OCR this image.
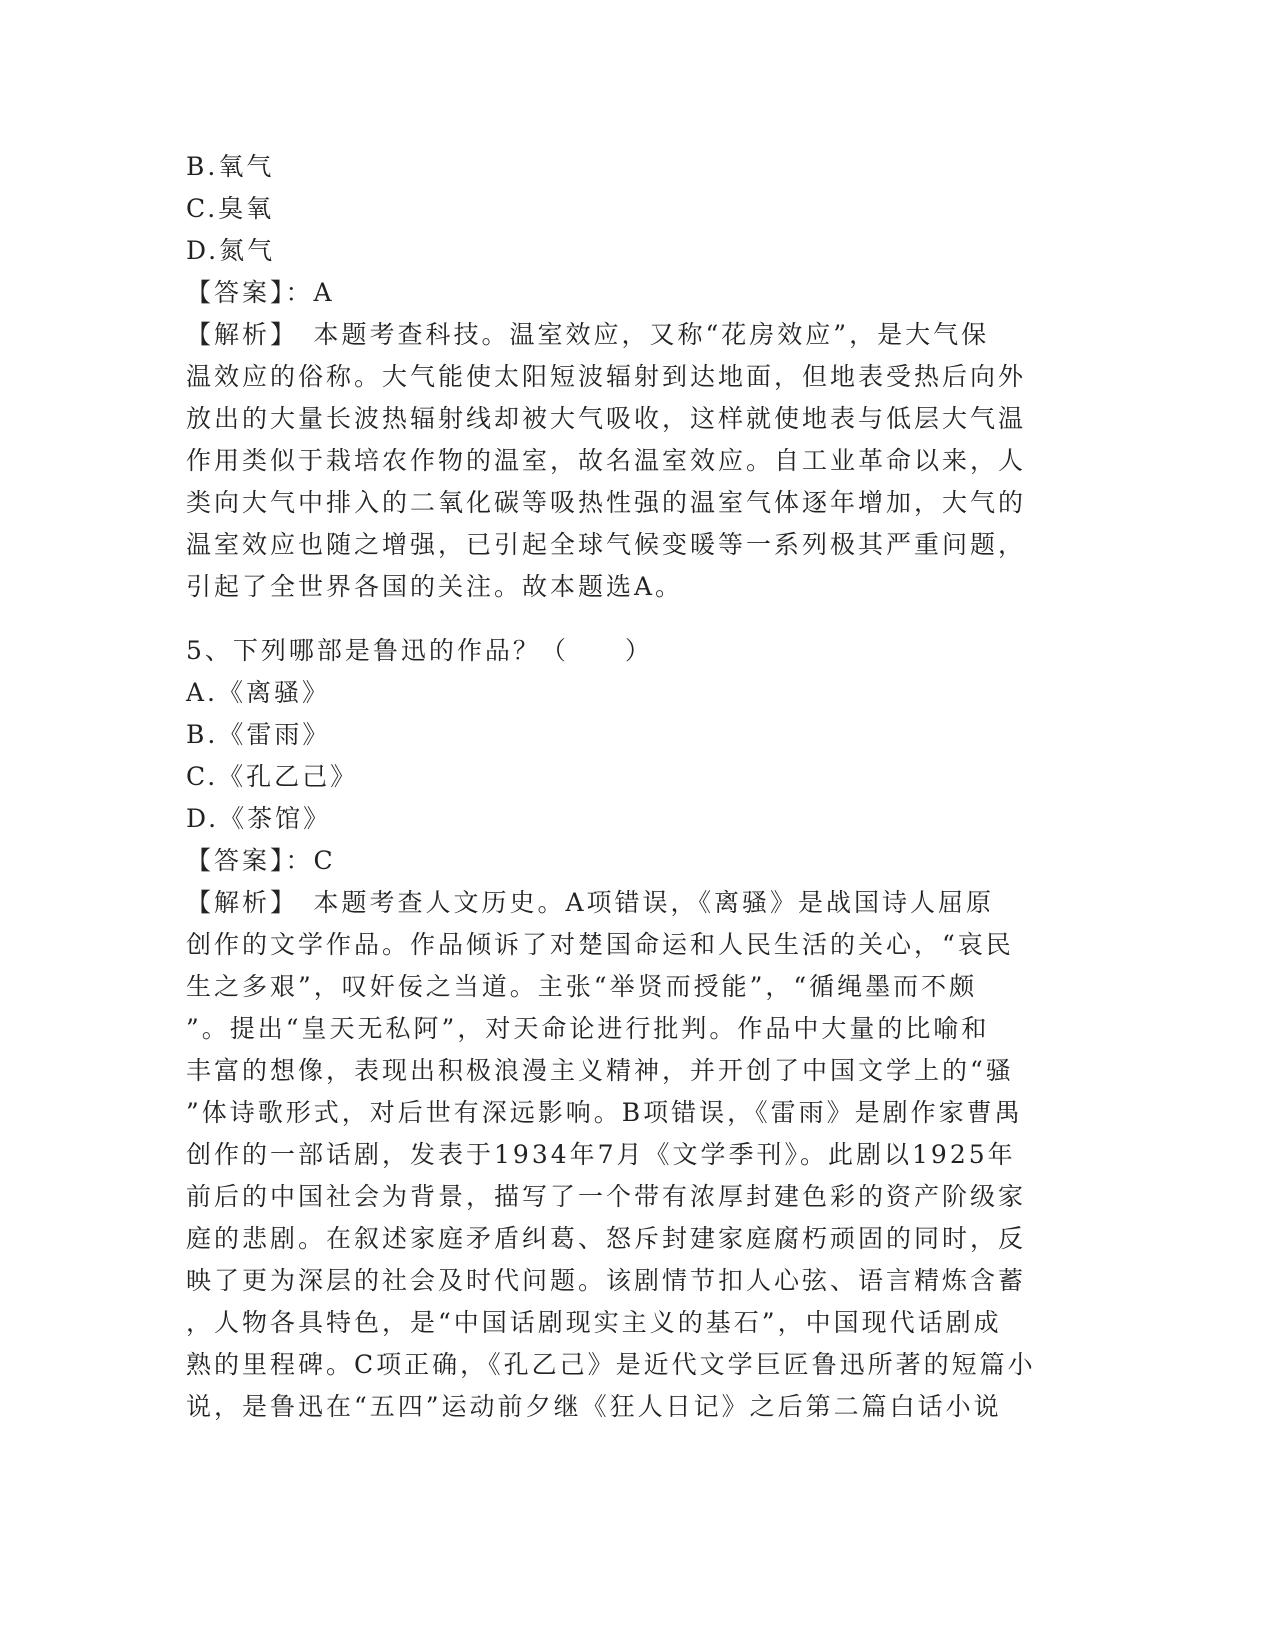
B.氧气
C.臭氧
D.氮气
【答案】：A
【解析】　本题考查科技。温室效应，又称“花房效应”，是大气保
温效应的俗称。大气能使太阳短波辐射到达地面，但地表受热后向外
放出的大量长波热辐射线却被大气吸收，这样就使地表与低层大气温
作用类似于栽培农作物的温室，故名温室效应。自工业革命以来，人
类向大气中排入的二氧化碳等吸热性强的温室气体逐年增加，大气的
温室效应也随之增强，已引起全球气候变暖等一系列极其严重问题，
引起了全世界各国的关注。故本题选A。
5、下列哪部是鲁迅的作品？（　　）
A.《离骚》
B.《雷雨》
C.《孔乙己》
D.《茶馆》
【答案】：C
【解析】　本题考查人文历史。A项错误，《离骚》是战国诗人屈原
创作的文学作品。作品倾诉了对楚国命运和人民生活的关心，“哀民
生之多艰”，叹奸佞之当道。主张“举贤而授能”，“循绳墨而不颇
”。提出“皇天无私阿”，对天命论进行批判。作品中大量的比喻和
丰富的想像，表现出积极浪漫主义精神，并开创了中国文学上的“骚
”体诗歌形式，对后世有深远影响。B项错误，《雷雨》是剧作家曹禺
创作的一部话剧，发表于1934年7月《文学季刊》。此剧以1925年
前后的中国社会为背景，描写了一个带有浓厚封建色彩的资产阶级家
庭的悲剧。在叙述家庭矛盾纠葛、怒斥封建家庭腐朽顽固的同时，反
映了更为深层的社会及时代问题。该剧情节扣人心弦、语言精炼含蓄
，人物各具特色，是“中国话剧现实主义的基石”，中国现代话剧成
熟的里程碑。C项正确，《孔乙己》是近代文学巨匠鲁迅所著的短篇小
说，是鲁迅在“五四”运动前夕继《狂人日记》之后第二篇白话小说
